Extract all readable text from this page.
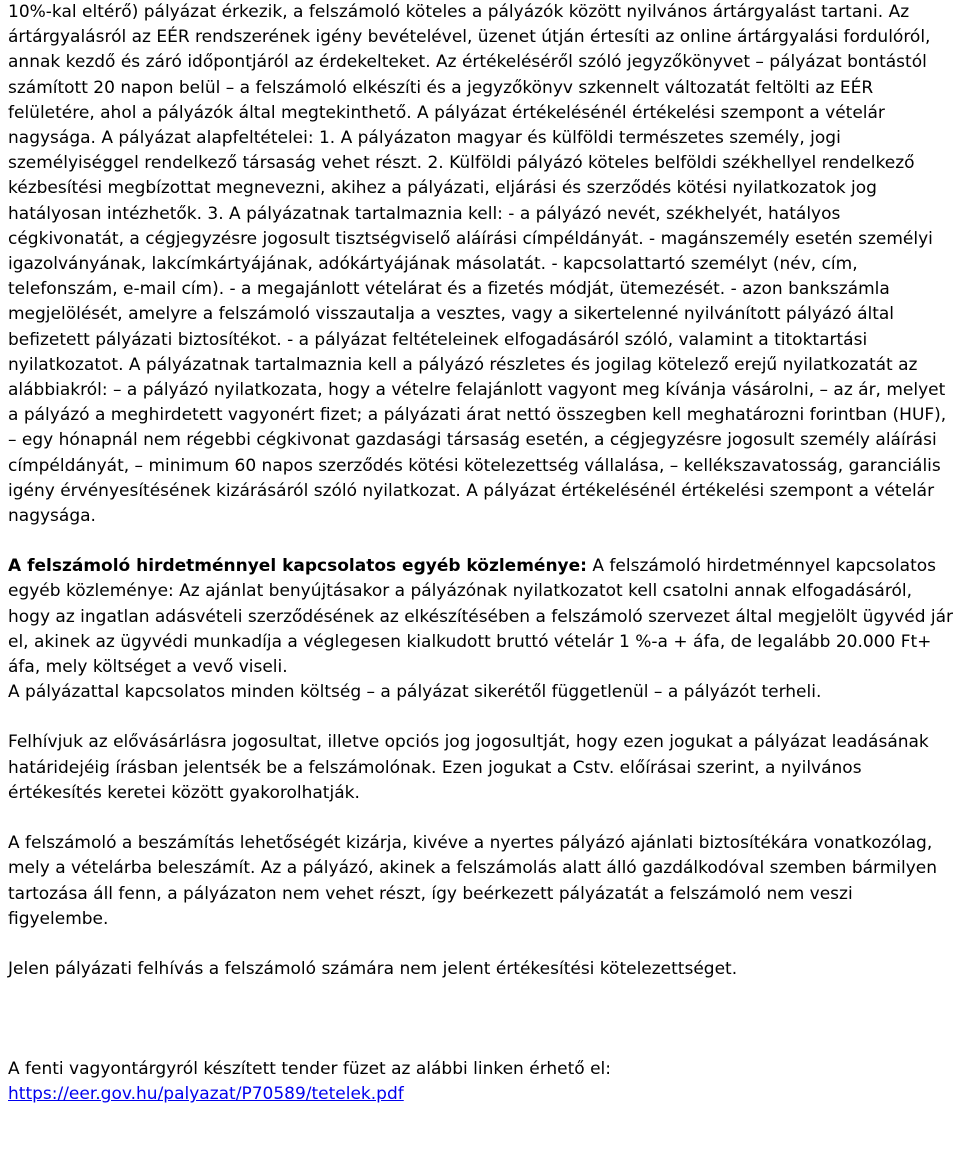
10%-kal eltérő) pályázat érkezik, a felszámoló köteles a pályázók között nyilvános ártárgyalást tartani. Az ártárgyalásról az EÉR rendszerének igény bevételével, üzenet útján értesíti az online ártárgyalási fordulóról, annak kezdő és záró időpontjáról az érdekelteket. Az értékeléséről szóló jegyzőkönyvet – pályázat bontástól számított 20 napon belül – a felszámoló elkészíti és a jegyzőkönyv szkennelt változatát feltölti az EÉR felületére, ahol a pályázók által megtekinthető. A pályázat értékelésénél értékelési szempont a vételár nagysága. A pályázat alapfeltételei: 1. A pályázaton magyar és külföldi természetes személy, jogi személyiséggel rendelkező társaság vehet részt. 2. Külföldi pályázó köteles belföldi székhellyel rendelkező kézbesítési megbízottat megnevezni, akihez a pályázati, eljárási és szerződés kötési nyilatkozatok jog hatályosan intézhetők. 3. A pályázatnak tartalmaznia kell: - a pályázó nevét, székhelyét, hatályos cégkivonatát, a cégjegyzésre jogosult tisztségviselő aláírási címpéldányát. - magánszemély esetén személyi igazolványának, lakcímkártyájának, adókártyájának másolatát. - kapcsolattartó személyt (név, cím, telefonszám, e-mail cím). - a megajánlott vételárat és a fizetés módját, ütemezését. - azon bankszámla megjelölését, amelyre a felszámoló visszautalja a vesztes, vagy a sikertelenné nyilvánított pályázó által befizetett pályázati biztosítékot. - a pályázat feltételeinek elfogadásáról szóló, valamint a titoktartási nyilatkozatot. A pályázatnak tartalmaznia kell a pályázó részletes és jogilag kötelező erejű nyilatkozatát az alábbiakról: – a pályázó nyilatkozata, hogy a vételre felajánlott vagyont meg kívánja vásárolni, – az ár, melyet a pályázó a meghirdetett vagyonért fizet; a pályázati árat nettó összegben kell meghatározni forintban (HUF), – egy hónapnál nem régebbi cégkivonat gazdasági társaság esetén, a cégjegyzésre jogosult személy aláírási címpéldányát, – minimum 60 napos szerződés kötési kötelezettség vállalása, – kellékszavatosság, garanciális igény érvényesítésének kizárásáról szóló nyilatkozat. A pályázat értékelésénél értékelési szempont a vételár nagysága.

A felszámoló hirdetménnyel kapcsolatos egyéb közleménye: A felszámoló hirdetménnyel kapcsolatos egyéb közleménye: Az ajánlat benyújtásakor a pályázónak nyilatkozatot kell csatolni annak elfogadásáról, hogy az ingatlan adásvételi szerződésének az elkészítésében a felszámoló szervezet által megjelölt ügyvéd jár el, akinek az ügyvédi munkadíja a véglegesen kialkudott bruttó vételár 1 %-a + áfa, de legalább 20.000 Ft+ áfa, mely költséget a vevő viseli.
A pályázattal kapcsolatos minden költség – a pályázat sikerétől függetlenül – a pályázót terheli.

Felhívjuk az elővásárlásra jogosultat, illetve opciós jog jogosultját, hogy ezen jogukat a pályázat leadásának határidejéig írásban jelentsék be a felszámolónak. Ezen jogukat a Cstv. előírásai szerint, a nyilvános értékesítés keretei között gyakorolhatják.

A felszámoló a beszámítás lehetőségét kizárja, kivéve a nyertes pályázó ajánlati biztosítékára vonatkozólag, mely a vételárba beleszámít. Az a pályázó, akinek a felszámolás alatt álló gazdálkodóval szemben bármilyen tartozása áll fenn, a pályázaton nem vehet részt, így beérkezett pályázatát a felszámoló nem veszi figyelembe.

Jelen pályázati felhívás a felszámoló számára nem jelent értékesítési kötelezettséget.

A fenti vagyontárgyról készített tender füzet az alábbi linken érhető el:
https://eer.gov.hu/palyazat/P70589/tetelek.pdf
